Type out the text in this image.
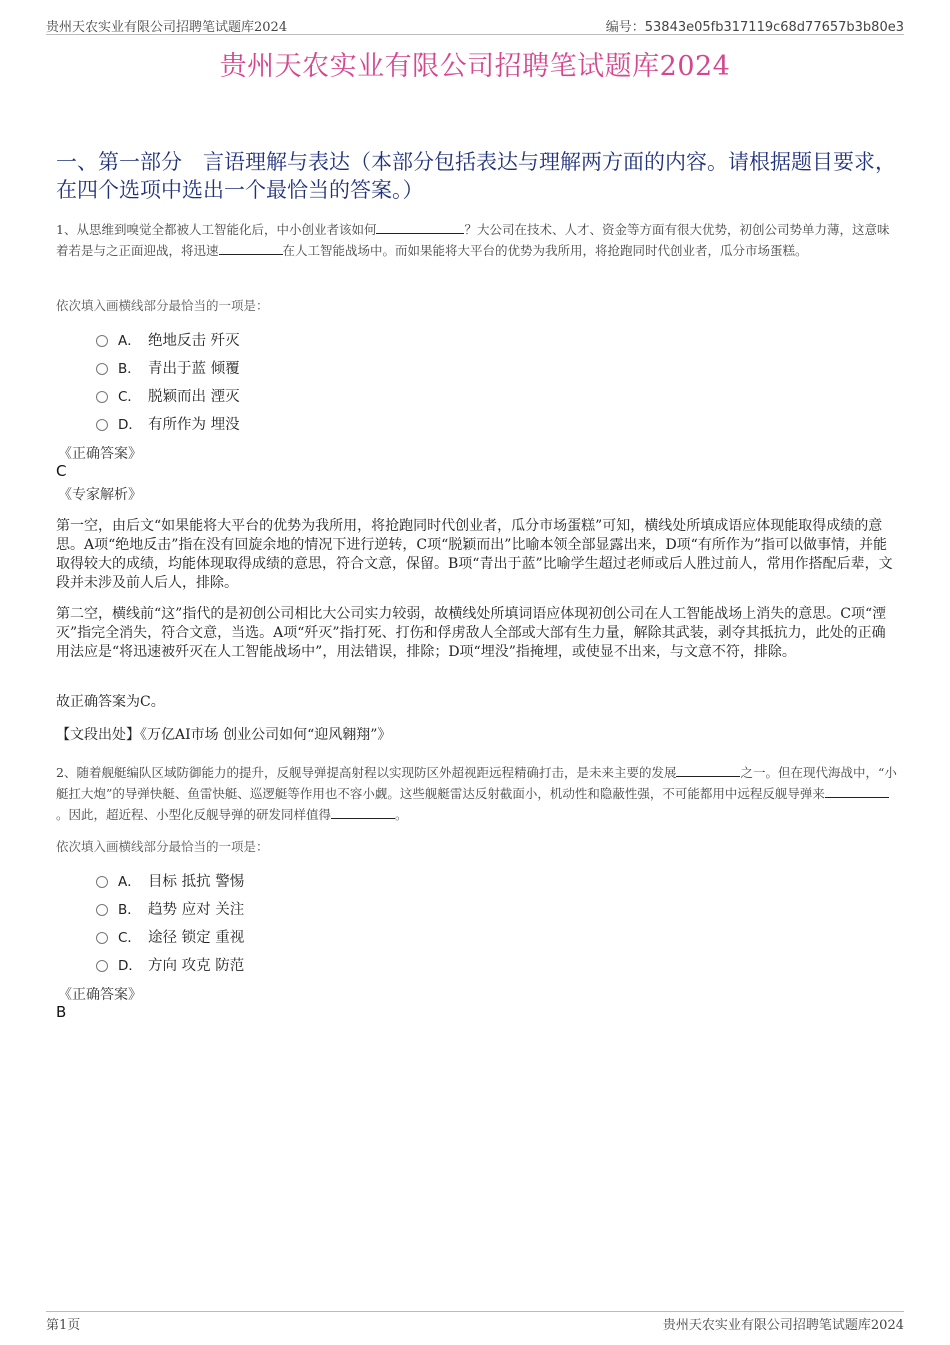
贵州天农实业有限公司招聘笔试题库2024	编号：53843e05fb317119c68d77657b3b80e3
贵州天农实业有限公司招聘笔试题库2024
一、第一部分　言语理解与表达（本部分包括表达与理解两方面的内容。请根据题目要求，在四个选项中选出一个最恰当的答案。）
1、从思维到嗅觉全都被人工智能化后，中小创业者该如何	？大公司在技术、人才、资金等方面有很大优势，初创公司势单力薄，这意味着若是与之正面迎战，将迅速	在人工智能战场中。而如果能将大平台的优势为我所用，将抢跑同时代创业者，瓜分市场蛋糕。
依次填入画横线部分最恰当的一项是：
A． 绝地反击 歼灭
B． 青出于蓝 倾覆
C． 脱颖而出 湮灭
D． 有所作为 埋没
《正确答案》
C
《专家解析》
第一空，由后文“如果能将大平台的优势为我所用，将抢跑同时代创业者，瓜分市场蛋糕”可知，横线处所填成语应体现能取得成绩的意思。A项“绝地反击”指在没有回旋余地的情况下进行逆转，C项“脱颖而出”比喻本领全部显露出来，D项“有所作为”指可以做事情，并能取得较大的成绩，均能体现取得成绩的意思，符合文意，保留。B项“青出于蓝”比喻学生超过老师或后人胜过前人，常用作搭配后辈，文段并未涉及前人后人，排除。
第二空，横线前“这”指代的是初创公司相比大公司实力较弱，故横线处所填词语应体现初创公司在人工智能战场上消失的意思。C项“湮灭”指完全消失，符合文意，当选。A项“歼灭”指打死、打伤和俘虏敌人全部或大部有生力量，解除其武装，剥夺其抵抗力，此处的正确用法应是“将迅速被歼灭在人工智能战场中”，用法错误，排除；D项“埋没”指掩埋，或使显不出来，与文意不符，排除。
故正确答案为C。
【文段出处】《万亿AI市场 创业公司如何“迎风翱翔”》
2、随着舰艇编队区域防御能力的提升，反舰导弹提高射程以实现防区外超视距远程精确打击，是未来主要的发展	之一。但在现代海战中，“小艇扛大炮”的导弹快艇、鱼雷快艇、巡逻艇等作用也不容小觑。这些舰艇雷达反射截面小，机动性和隐蔽性强，不可能都用中远程反舰导弹来。因此，超近程、小型化反舰导弹的研发同样值得	。
依次填入画横线部分最恰当的一项是：
A． 目标 抵抗 警惕
B． 趋势 应对 关注
C． 途径 锁定 重视
D． 方向 攻克 防范
《正确答案》
B
第1页	贵州天农实业有限公司招聘笔试题库2024
